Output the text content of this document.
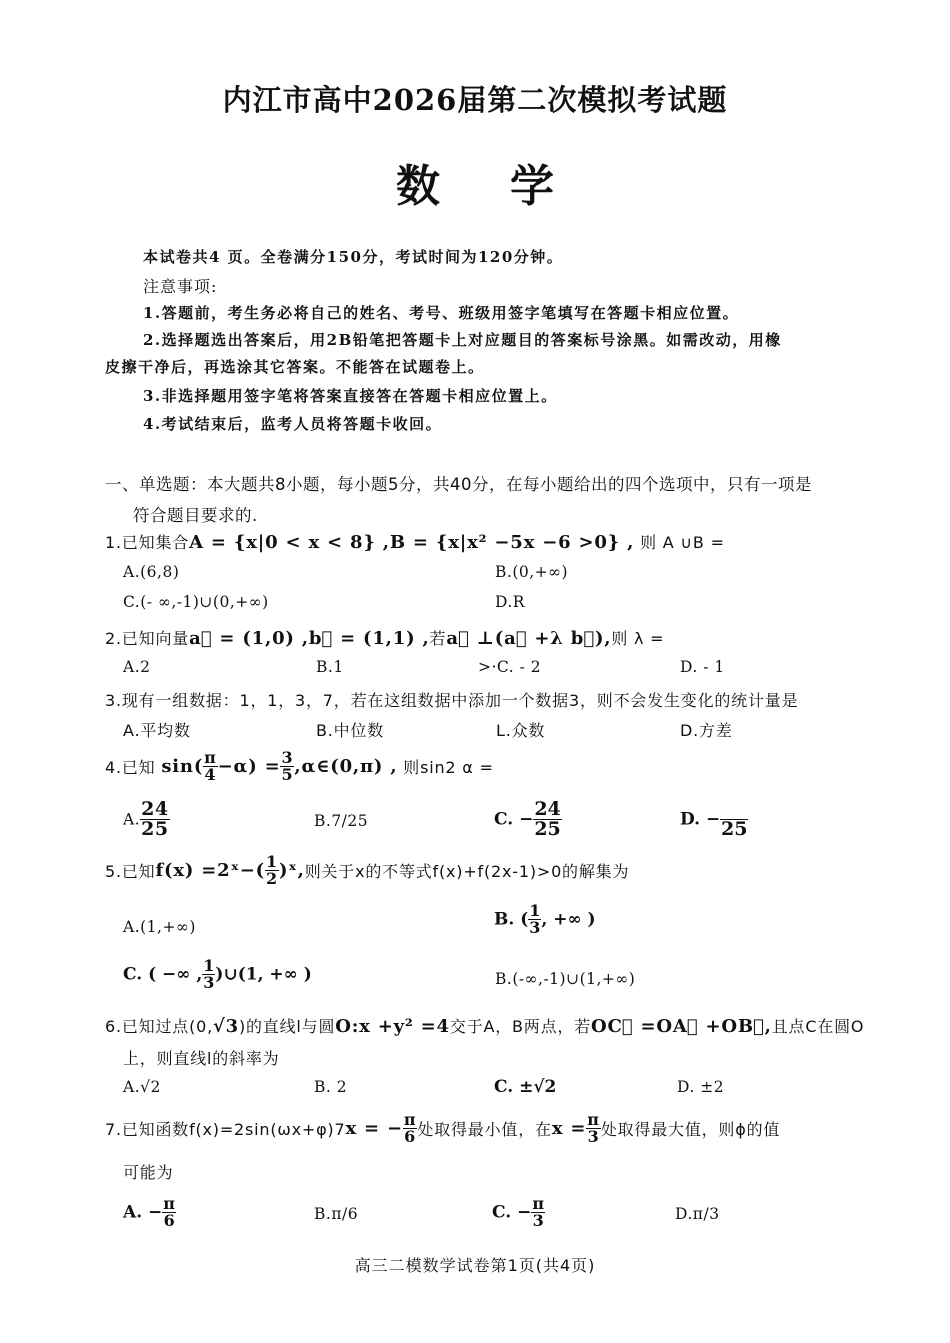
内江市高中2026届第二次模拟考试题
数学
本试卷共4 页。全卷满分150分，考试时间为120分钟。
注意事项:
1.答题前，考生务必将自己的姓名、考号、班级用签字笔填写在答题卡相应位置。
2.选择题选出答案后，用2B铅笔把答题卡上对应题目的答案标号涂黑。如需改动，用橡
皮擦干净后，再选涂其它答案。不能答在试题卷上。
3.非选择题用签字笔将答案直接答在答题卡相应位置上。
4.考试结束后，监考人员将答题卡收回。
一、单选题：本大题共8小题，每小题5分，共40分，在每小题给出的四个选项中，只有一项是
符合题目要求的.
1.已知集合A = {x|0 < x < 8} ,B = {x|x² −5x −6 >0} , 则 A ∪B =
A.(6,8)	B.(0,+∞)
C.(- ∞,-1)∪(0,+∞)	D.R
2.已知向量a⃗ = (1,0) ,b⃗ = (1,1) ,若a⃗ ⊥(a⃗ +λ b⃗),则 λ =
A.2	B.1	>·C. - 2	D. - 1
3.现有一组数据：1，1，3，7，若在这组数据中添加一个数据3，则不会发生变化的统计量是
A.平均数	B.中位数	L.众数	D.方差
4.已知 $\sin( \frac{\pi}{4} -\alpha) = \frac{3}{5}$ ,α∈(0,π) , 则sin2 α =
A. $\frac{24}{25}$	B.7/25	C. − $\frac{24}{25}$	D. − 25
5.已知f(x) =2ˣ−( $\frac{1}{2}$ )ˣ,则关于x的不等式f(x)+f(2x-1)>0的解集为
A.(1,+∞)	B. ( $\frac{1}{3}$ , +∞ )
C. ( −∞ , $\frac{1}{3}$ )∪(1, +∞ )	B.(-∞,-1)∪(1,+∞)
6.已知过点(0,√3)的直线l与圆O:x +y² =4交于A，B两点，若OC⃗ =OA⃗ +OB⃗,且点C在圆O
上，则直线l的斜率为
A.√2	B. 2	C. ±√2	D. ±2
7.已知函数f(x)=2sin(ωx+φ)7x = − $\frac{\pi}{6}$ 处取得最小值，在$x = \frac{\pi}{3}$ 处取得最大值，则ϕ的值
可能为
A. − $\frac{\pi}{6}$	B.π/6	C. − $\frac{\pi}{3}$	D.π/3
高三二模数学试卷第1页(共4页)
